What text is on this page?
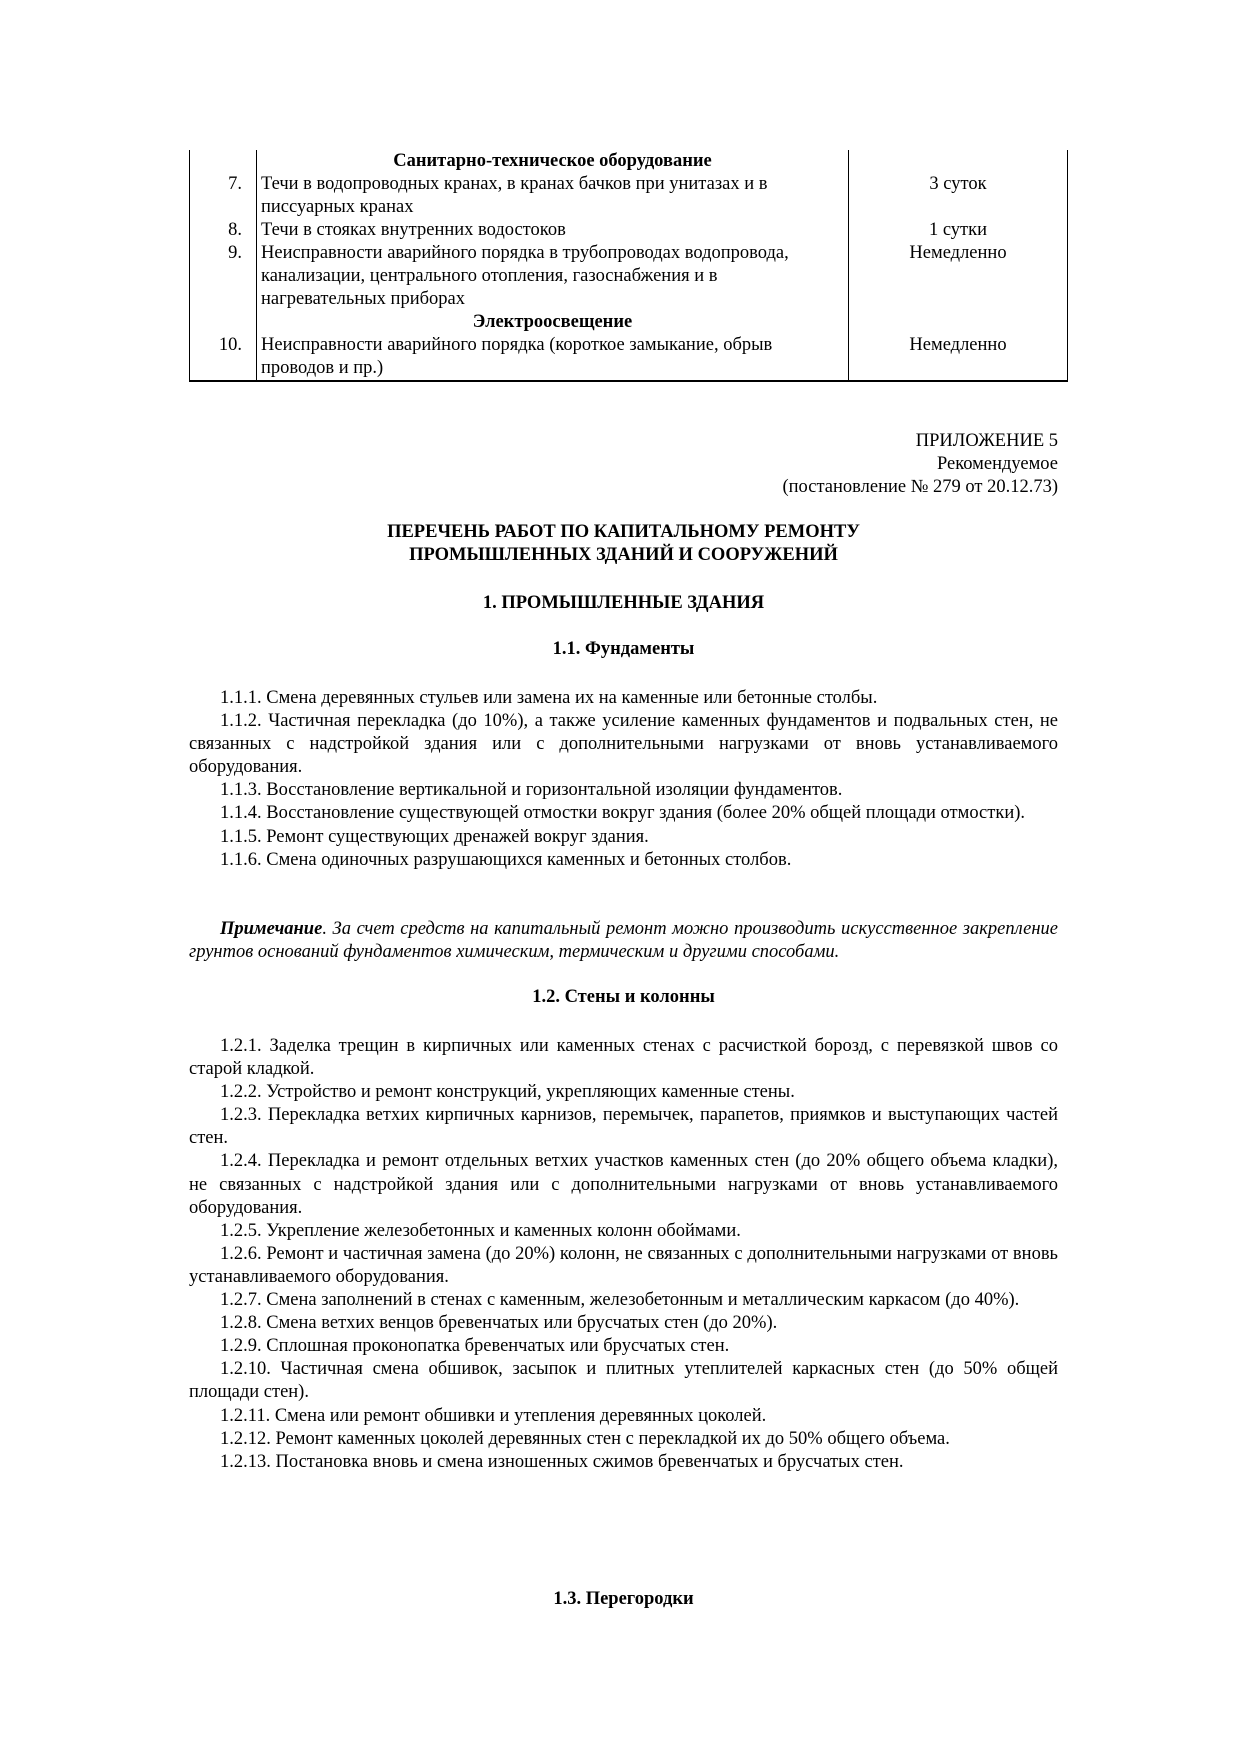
	Санитарно-техническое оборудование	
7.	Течи в водопроводных кранах, в кранах бачков при унитазах и в писсуарных кранах	3 суток
8.	Течи в стояках внутренних водостоков	1 сутки
9.	Неисправности аварийного порядка в трубопроводах водопровода, канализации, центрального отопления, газоснабжения и в нагревательных приборах	Немедленно
	Электроосвещение	
10.	Неисправности аварийного порядка (короткое замыкание, обрыв проводов и пр.)	Немедленно
ПРИЛОЖЕНИЕ 5
Рекомендуемое
(постановление № 279 от 20.12.73)
ПЕРЕЧЕНЬ РАБОТ ПО КАПИТАЛЬНОМУ РЕМОНТУ
ПРОМЫШЛЕННЫХ ЗДАНИЙ И СООРУЖЕНИЙ
1. ПРОМЫШЛЕННЫЕ ЗДАНИЯ
1.1. Фундаменты

1.1.1. Смена деревянных стульев или замена их на каменные или бетонные столбы.

1.1.2. Частичная перекладка (до 10%), а также усиление каменных фундаментов и подвальных стен, не связанных с надстройкой здания или с дополнительными нагрузками от вновь устанавливаемого оборудования.

1.1.3. Восстановление вертикальной и горизонтальной изоляции фундаментов.

1.1.4. Восстановление существующей отмостки вокруг здания (более 20% общей площади отмостки).

1.1.5. Ремонт существующих дренажей вокруг здания.

1.1.6. Смена одиночных разрушающихся каменных и бетонных столбов.

Примечание. За счет средств на капитальный ремонт можно производить искусственное закрепление грунтов оснований фундаментов химическим, термическим и другими способами.

1.2. Стены и колонны

1.2.1. Заделка трещин в кирпичных или каменных стенах с расчисткой борозд, с перевязкой швов со старой кладкой.

1.2.2. Устройство и ремонт конструкций, укрепляющих каменные стены.

1.2.3. Перекладка ветхих кирпичных карнизов, перемычек, парапетов, приямков и выступающих частей стен.

1.2.4. Перекладка и ремонт отдельных ветхих участков каменных стен (до 20% общего объема кладки), не связанных с надстройкой здания или с дополнительными нагрузками от вновь устанавливаемого оборудования.

1.2.5. Укрепление железобетонных и каменных колонн обоймами.

1.2.6. Ремонт и частичная замена (до 20%) колонн, не связанных с дополнительными нагрузками от вновь устанавливаемого оборудования.

1.2.7. Смена заполнений в стенах с каменным, железобетонным и металлическим каркасом (до 40%).

1.2.8. Смена ветхих венцов бревенчатых или брусчатых стен (до 20%).

1.2.9. Сплошная проконопатка бревенчатых или брусчатых стен.

1.2.10. Частичная смена обшивок, засыпок и плитных утеплителей каркасных стен (до 50% общей площади стен).

1.2.11. Смена или ремонт обшивки и утепления деревянных цоколей.

1.2.12. Ремонт каменных цоколей деревянных стен с перекладкой их до 50% общего объема.

1.2.13. Постановка вновь и смена изношенных сжимов бревенчатых и брусчатых стен.

1.3. Перегородки
